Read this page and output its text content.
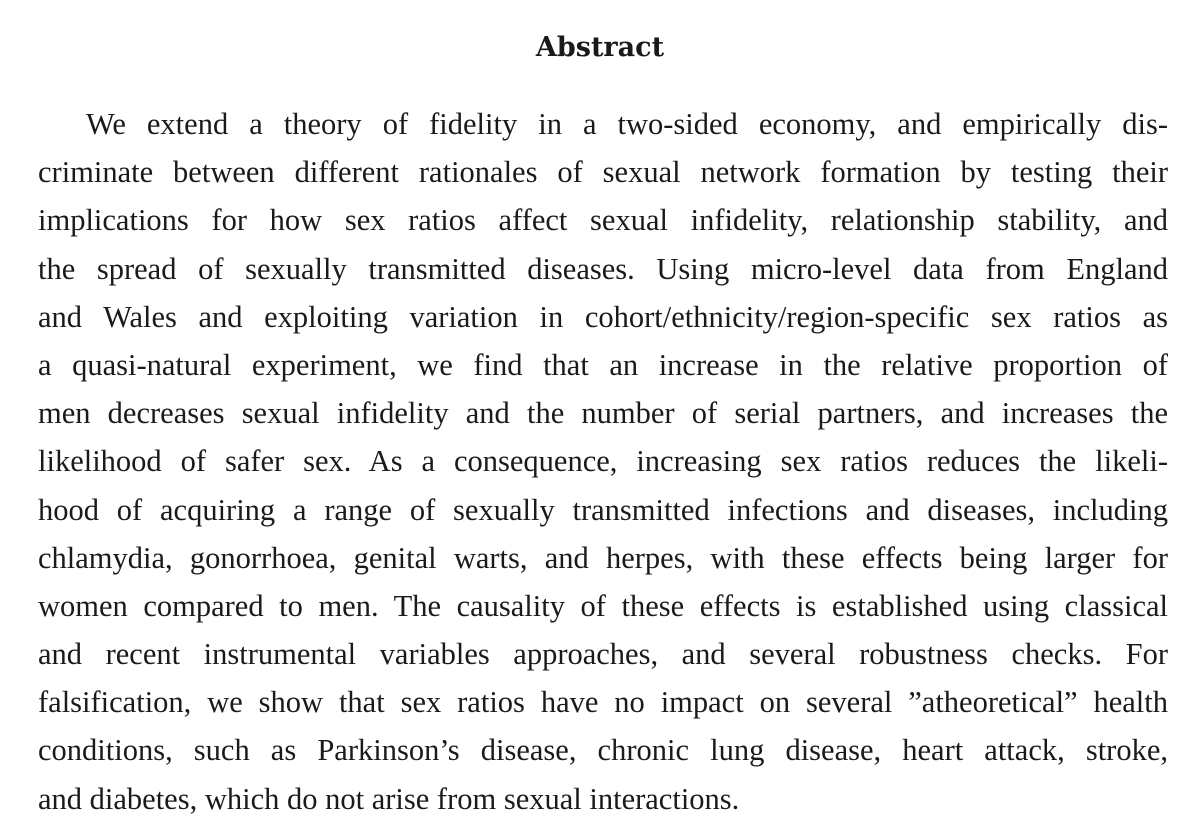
Abstract
We extend a theory of fidelity in a two-sided economy, and empirically dis-
criminate between different rationales of sexual network formation by testing their
implications for how sex ratios affect sexual infidelity, relationship stability, and
the spread of sexually transmitted diseases. Using micro-level data from England
and Wales and exploiting variation in cohort/ethnicity/region-specific sex ratios as
a quasi-natural experiment, we find that an increase in the relative proportion of
men decreases sexual infidelity and the number of serial partners, and increases the
likelihood of safer sex. As a consequence, increasing sex ratios reduces the likeli-
hood of acquiring a range of sexually transmitted infections and diseases, including
chlamydia, gonorrhoea, genital warts, and herpes, with these effects being larger for
women compared to men. The causality of these effects is established using classical
and recent instrumental variables approaches, and several robustness checks. For
falsification, we show that sex ratios have no impact on several ”atheoretical” health
conditions, such as Parkinson’s disease, chronic lung disease, heart attack, stroke,
and diabetes, which do not arise from sexual interactions.
